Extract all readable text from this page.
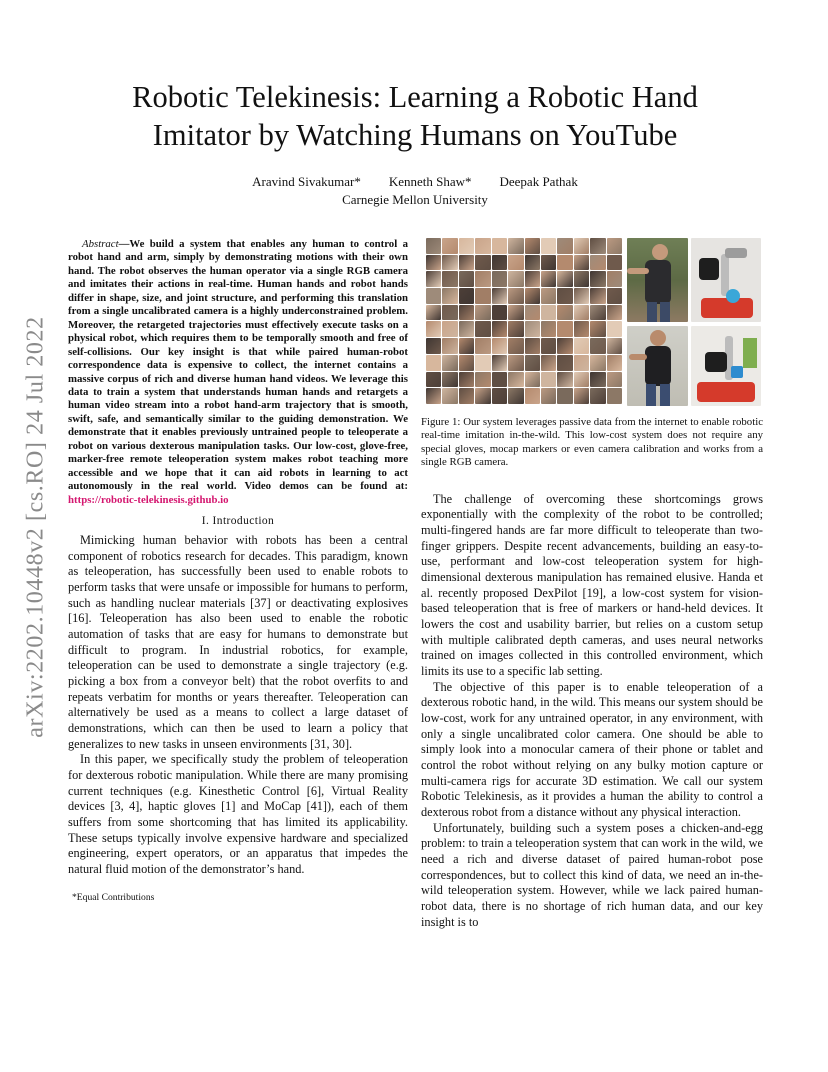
arXiv:2202.10448v2 [cs.RO] 24 Jul 2022
Robotic Telekinesis: Learning a Robotic Hand
Imitator by Watching Humans on YouTube
Aravind Sivakumar* Kenneth Shaw* Deepak Pathak
Carnegie Mellon University

Abstract—We build a system that enables any human to control a robot hand and arm, simply by demonstrating motions with their own hand. The robot observes the human operator via a single RGB camera and imitates their actions in real-time. Human hands and robot hands differ in shape, size, and joint structure, and performing this translation from a single uncalibrated camera is a highly underconstrained problem. Moreover, the retargeted trajectories must effectively execute tasks on a physical robot, which requires them to be temporally smooth and free of self-collisions. Our key insight is that while paired human-robot correspondence data is expensive to collect, the internet contains a massive corpus of rich and diverse human hand videos. We leverage this data to train a system that understands human hands and retargets a human video stream into a robot hand-arm trajectory that is smooth, swift, safe, and semantically similar to the guiding demonstration. We demonstrate that it enables previously untrained people to teleoperate a robot on various dexterous manipulation tasks. Our low-cost, glove-free, marker-free remote teleoperation system makes robot teaching more accessible and we hope that it can aid robots in learning to act autonomously in the real world. Video demos can be found at: https://robotic-telekinesis.github.io

I. Introduction

Mimicking human behavior with robots has been a central component of robotics research for decades. This paradigm, known as teleoperation, has successfully been used to enable robots to perform tasks that were unsafe or impossible for humans to perform, such as handling nuclear materials [37] or deactivating explosives [16]. Teleoperation has also been used to enable the robotic automation of tasks that are easy for humans to demonstrate but difficult to program. In industrial robotics, for example, teleoperation can be used to demonstrate a single trajectory (e.g. picking a box from a conveyor belt) that the robot overfits to and repeats verbatim for months or years thereafter. Teleoperation can alternatively be used as a means to collect a large dataset of demonstrations, which can then be used to learn a policy that generalizes to new tasks in unseen environments [31, 30].

In this paper, we specifically study the problem of teleoperation for dexterous robotic manipulation. While there are many promising current techniques (e.g. Kinesthetic Control [6], Virtual Reality devices [3, 4], haptic gloves [1] and MoCap [41]), each of them suffers from some shortcoming that has limited its applicability. These setups typically involve expensive hardware and specialized engineering, expert operators, or an apparatus that impedes the natural fluid motion of the demonstrator’s hand.

*Equal Contributions
Figure 1: Our system leverages passive data from the internet to enable robotic real-time imitation in-the-wild. This low-cost system does not require any special gloves, mocap markers or even camera calibration and works from a single RGB camera.

The challenge of overcoming these shortcomings grows exponentially with the complexity of the robot to be controlled; multi-fingered hands are far more difficult to teleoperate than two-finger grippers. Despite recent advancements, building an easy-to-use, performant and low-cost teleoperation system for high-dimensional dexterous manipulation has remained elusive. Handa et al. recently proposed DexPilot [19], a low-cost system for vision-based teleoperation that is free of markers or hand-held devices. It lowers the cost and usability barrier, but relies on a custom setup with multiple calibrated depth cameras, and uses neural networks trained on images collected in this controlled environment, which limits its use to a specific lab setting.

The objective of this paper is to enable teleoperation of a dexterous robotic hand, in the wild. This means our system should be low-cost, work for any untrained operator, in any environment, with only a single uncalibrated color camera. One should be able to simply look into a monocular camera of their phone or tablet and control the robot without relying on any bulky motion capture or multi-camera rigs for accurate 3D estimation. We call our system Robotic Telekinesis, as it provides a human the ability to control a dexterous robot from a distance without any physical interaction.

Unfortunately, building such a system poses a chicken-and-egg problem: to train a teleoperation system that can work in the wild, we need a rich and diverse dataset of paired human-robot pose correspondences, but to collect this kind of data, we need an in-the-wild teleoperation system. However, while we lack paired human-robot data, there is no shortage of rich human data, and our key insight is to
